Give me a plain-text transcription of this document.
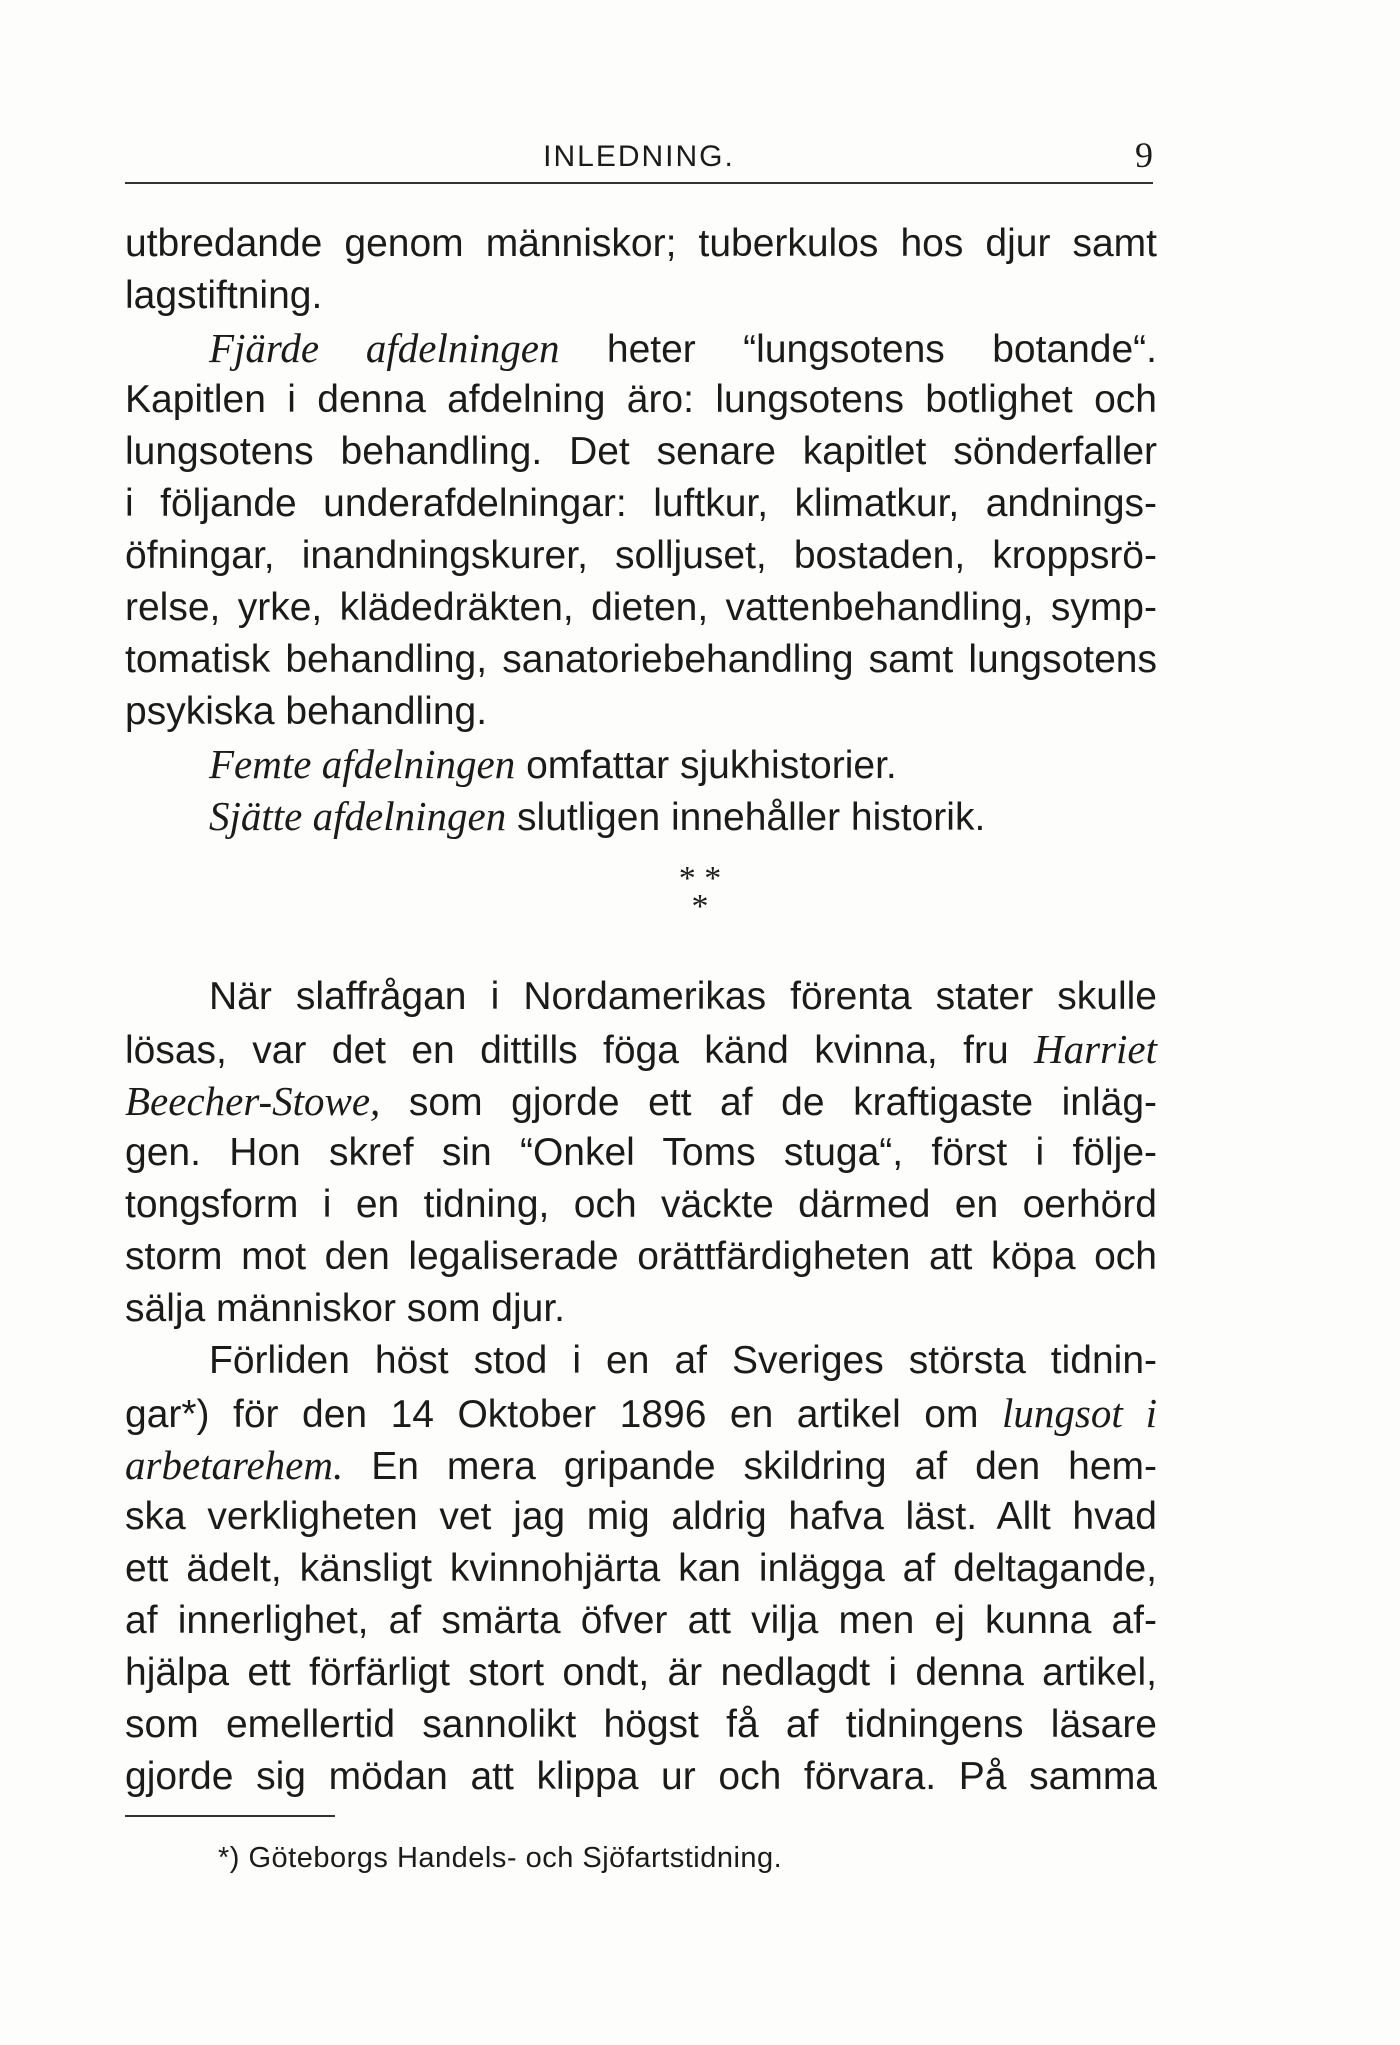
INLEDNING.	9
utbredande genom människor; tuberkulos hos djur samt
lagstiftning.
Fjärde afdelningen heter “lungsotens botande“.
Kapitlen i denna afdelning äro: lungsotens botlighet och
lungsotens behandling. Det senare kapitlet sönderfaller
i följande underafdelningar: luftkur, klimatkur, andnings-
öfningar, inandningskurer, solljuset, bostaden, kroppsrö-
relse, yrke, klädedräkten, dieten, vattenbehandling, symp-
tomatisk behandling, sanatoriebehandling samt lungsotens
psykiska behandling.
Femte afdelningen omfattar sjukhistorier.
Sjätte afdelningen slutligen innehåller historik.
* *
*
När slaffrågan i Nordamerikas förenta stater skulle
lösas, var det en dittills föga känd kvinna, fru Harriet
Beecher-Stowe, som gjorde ett af de kraftigaste inläg-
gen. Hon skref sin “Onkel Toms stuga“, först i följe-
tongsform i en tidning, och väckte därmed en oerhörd
storm mot den legaliserade orättfärdigheten att köpa och
sälja människor som djur.
Förliden höst stod i en af Sveriges största tidnin-
gar*) för den 14 Oktober 1896 en artikel om lungsot i
arbetarehem. En mera gripande skildring af den hem-
ska verkligheten vet jag mig aldrig hafva läst. Allt hvad
ett ädelt, känsligt kvinnohjärta kan inlägga af deltagande,
af innerlighet, af smärta öfver att vilja men ej kunna af-
hjälpa ett förfärligt stort ondt, är nedlagdt i denna artikel,
som emellertid sannolikt högst få af tidningens läsare
gjorde sig mödan att klippa ur och förvara. På samma
*) Göteborgs Handels- och Sjöfartstidning.
